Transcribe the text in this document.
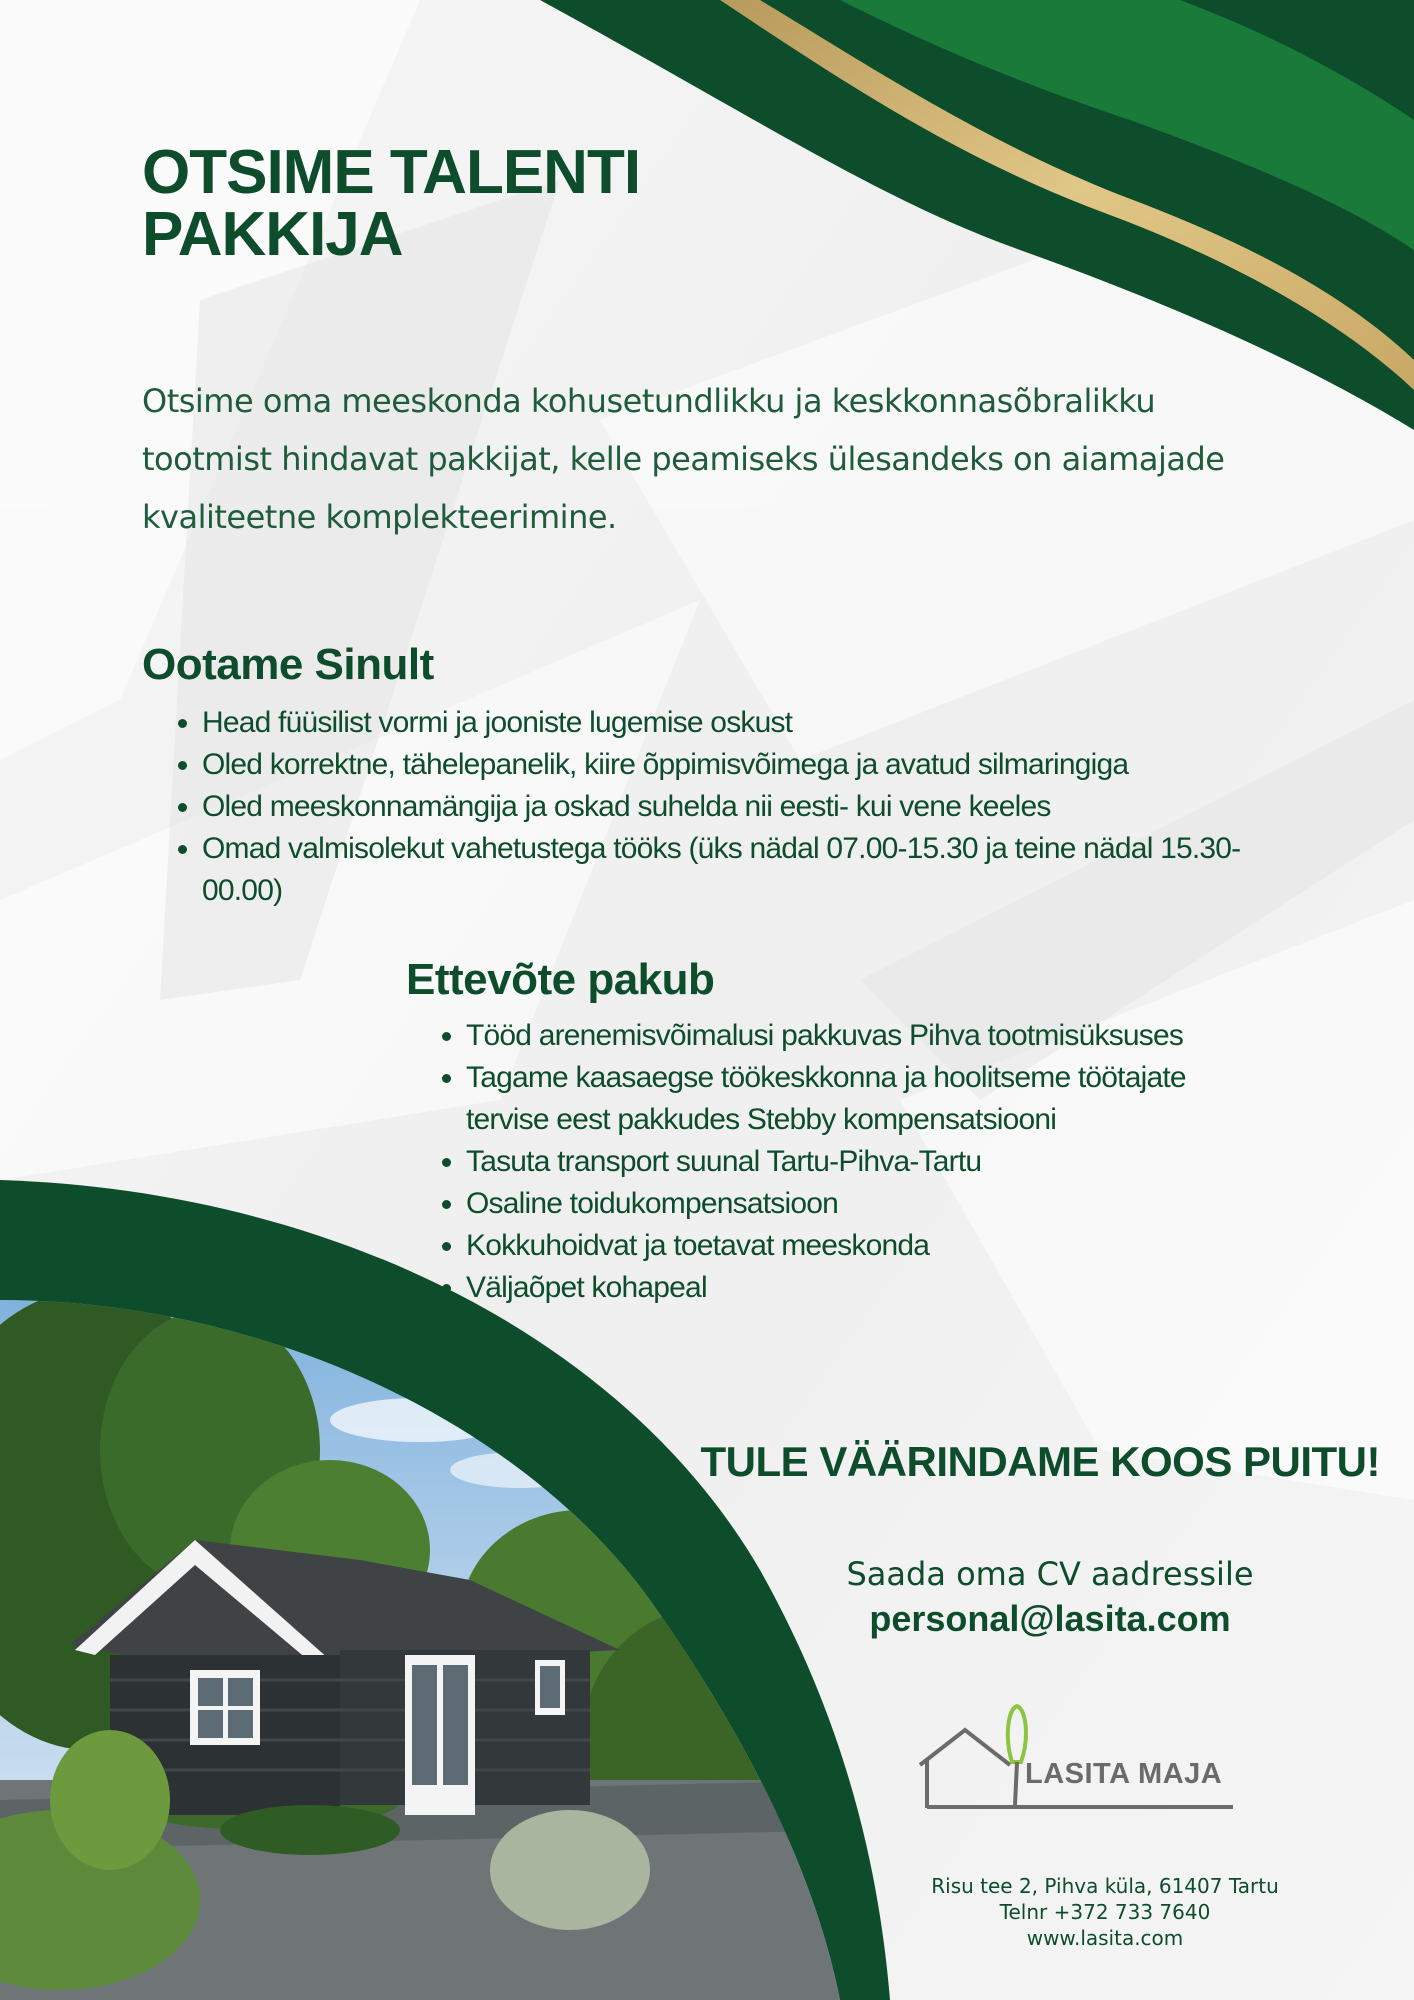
OTSIME TALENTI
PAKKIJA
Otsime oma meeskonda kohusetundlikku ja keskkonnasõbralikku
tootmist hindavat pakkijat, kelle peamiseks ülesandeks on aiamajade
kvaliteetne komplekteerimine.
Ootame Sinult
• Head füüsilist vormi ja jooniste lugemise oskust
• Oled korrektne, tähelepanelik, kiire õppimisvõimega ja avatud silmaringiga
• Oled meeskonnamängija ja oskad suhelda nii eesti- kui vene keeles
• Omad valmisolekut vahetustega tööks (üks nädal 07.00-15.30 ja teine nädal 15.30-00.00)
Ettevõte pakub
• Tööd arenemisvõimalusi pakkuvas Pihva tootmisüksuses
• Tagame kaasaegse töökeskkonna ja hoolitseme töötajate tervise eest pakkudes Stebby kompensatsiooni
• Tasuta transport suunal Tartu-Pihva-Tartu
• Osaline toidukompensatsioon
• Kokkuhoidvat ja toetavat meeskonda
• Väljaõpet kohapeal
TULE VÄÄRINDAME KOOS PUITU!
Saada oma CV aadressile
personal@lasita.com
LASITA MAJA
Risu tee 2, Pihva küla, 61407 Tartu
Telnr +372 733 7640
www.lasita.com
